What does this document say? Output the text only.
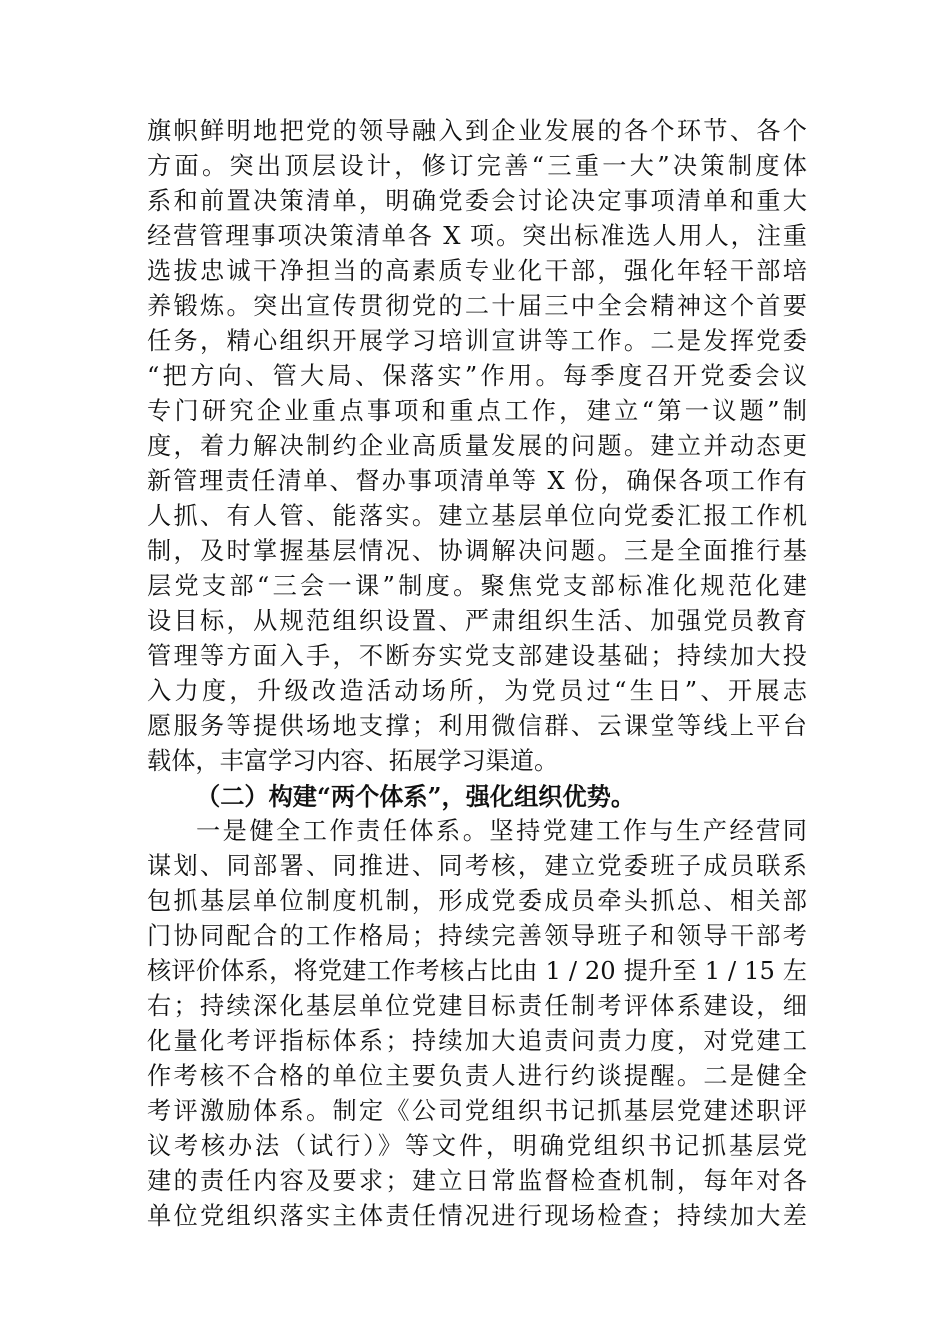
旗帜鲜明地把党的领导融入到企业发展的各个环节、各个
方面。突出顶层设计，修订完善“三重一大”决策制度体
系和前置决策清单，明确党委会讨论决定事项清单和重大
经营管理事项决策清单各 X 项。突出标准选人用人，注重
选拔忠诚干净担当的高素质专业化干部，强化年轻干部培
养锻炼。突出宣传贯彻党的二十届三中全会精神这个首要
任务，精心组织开展学习培训宣讲等工作。二是发挥党委
“把方向、管大局、保落实”作用。每季度召开党委会议
专门研究企业重点事项和重点工作，建立“第一议题”制
度，着力解决制约企业高质量发展的问题。建立并动态更
新管理责任清单、督办事项清单等 X 份，确保各项工作有
人抓、有人管、能落实。建立基层单位向党委汇报工作机
制，及时掌握基层情况、协调解决问题。三是全面推行基
层党支部“三会一课”制度。聚焦党支部标准化规范化建
设目标，从规范组织设置、严肃组织生活、加强党员教育
管理等方面入手，不断夯实党支部建设基础；持续加大投
入力度，升级改造活动场所，为党员过“生日”、开展志
愿服务等提供场地支撑；利用微信群、云课堂等线上平台
载体，丰富学习内容、拓展学习渠道。
（二）构建“两个体系”，强化组织优势。
一是健全工作责任体系。坚持党建工作与生产经营同
谋划、同部署、同推进、同考核，建立党委班子成员联系
包抓基层单位制度机制，形成党委成员牵头抓总、相关部
门协同配合的工作格局；持续完善领导班子和领导干部考
核评价体系，将党建工作考核占比由 1 / 20 提升至 1 / 15 左
右；持续深化基层单位党建目标责任制考评体系建设，细
化量化考评指标体系；持续加大追责问责力度，对党建工
作考核不合格的单位主要负责人进行约谈提醒。二是健全
考评激励体系。制定《公司党组织书记抓基层党建述职评
议考核办法（试行）》等文件，明确党组织书记抓基层党
建的责任内容及要求；建立日常监督检查机制，每年对各
单位党组织落实主体责任情况进行现场检查；持续加大差
